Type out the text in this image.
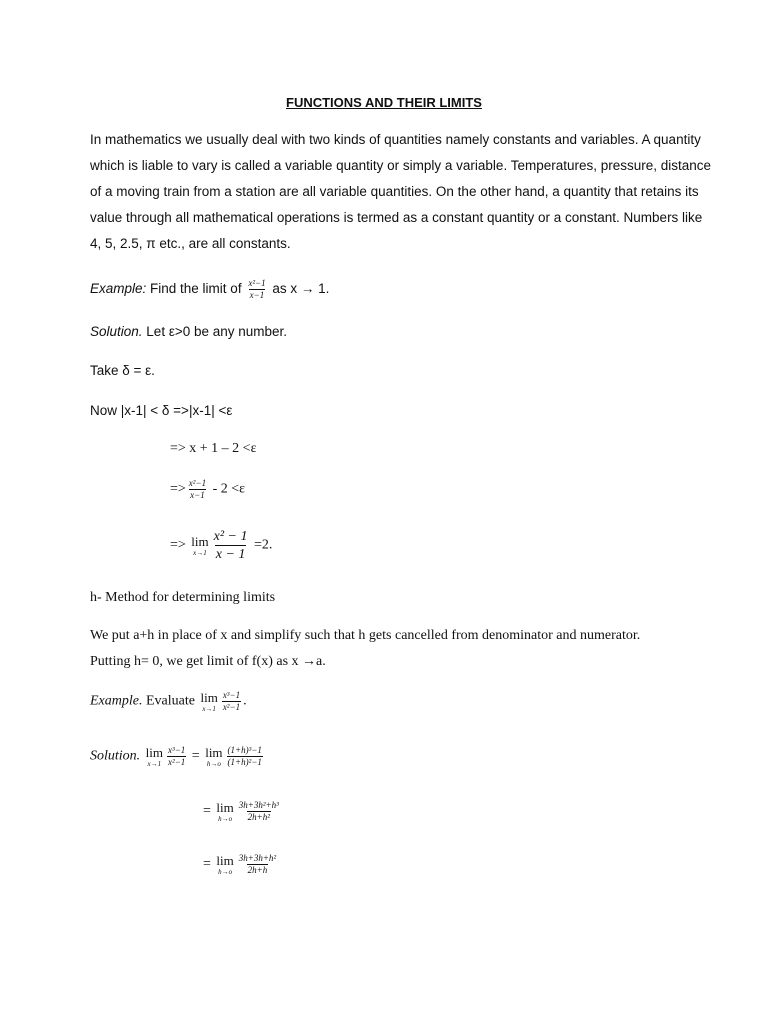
FUNCTIONS AND THEIR LIMITS
In mathematics we usually deal with two kinds of quantities namely constants and variables. A quantity
which is liable to vary is called a variable quantity or simply a variable. Temperatures, pressure, distance
of a moving train from a station are all variable quantities. On the other hand, a quantity that retains its
value through all mathematical operations is termed as a constant quantity or a constant. Numbers like
4, 5, 2.5, π etc., are all constants.
Example: Find the limit of $\frac{\text{x²−1}}{x-1}$ as x → 1.
Solution. Let ε>0 be any number.
Take δ = ε.
Now |x-1| < δ =>|x-1| <ε
=> x + 1 – 2 <ε
=> $\frac{\text{x²−1}}{x-1} - 2 <\varepsilon$
=> lim
$x\to 1 \frac{\text{x² − 1}}{x - 1} =2$.
h- Method for determining limits
We put a+h in place of x and simplify such that h gets cancelled from denominator and numerator.
Putting h= 0, we get limit of f(x) as x →a.
Example. Evaluate lim
$x\to 1 \frac{\text{x³−1}}{\text{x²−1}}$ .
Solution. lim
$x\to 1 \frac{\text{x³−1}}{\text{x²−1}} = \lim$
$h\to o \frac{\text{(1+h)³−1}}{\text{(1+h)²−1}}$
= lim
$h\to o \frac{\text{3h+3h²+h³}}{\text{2h+h²}}$
= lim
$h\to o \frac{\text{3h+3h+h²}}{2h+h}$
